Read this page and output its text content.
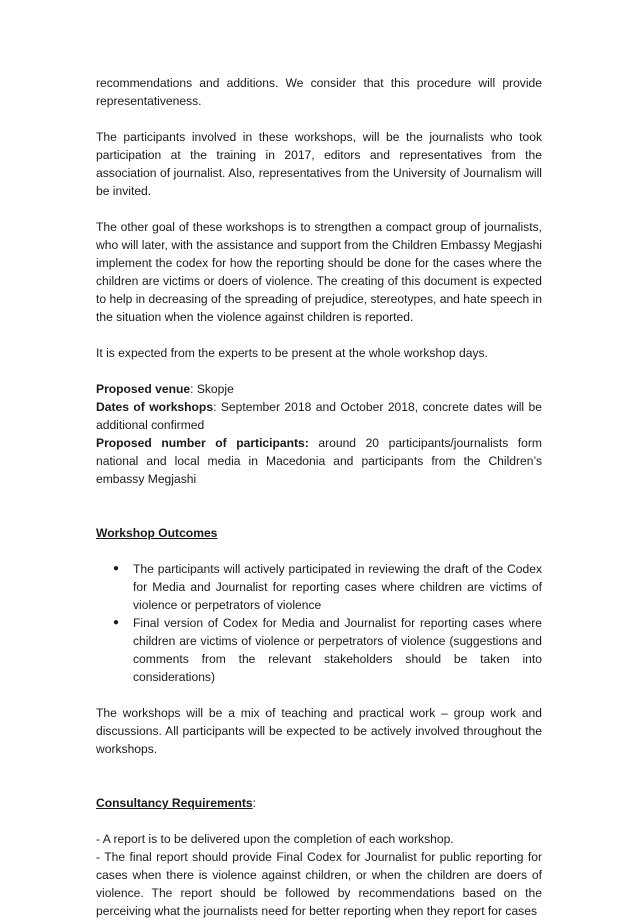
recommendations and additions. We consider that this procedure will provide representativeness.

The participants involved in these workshops, will be the journalists who took participation at the training in 2017, editors and representatives from the association of journalist. Also, representatives from the University of Journalism will be invited.

The other goal of these workshops is to strengthen a compact group of journalists, who will later, with the assistance and support from the Children Embassy Megjashi implement the codex for how the reporting should be done for the cases where the children are victims or doers of violence. The creating of this document is expected to help in decreasing of the spreading of prejudice, stereotypes, and hate speech in the situation when the violence against children is reported.

It is expected from the experts to be present at the whole workshop days.

Proposed venue: Skopje

Dates of workshops: September 2018 and October 2018, concrete dates will be additional confirmed

Proposed number of participants: around 20 participants/journalists form national and local media in Macedonia and participants from the Children’s embassy Megjashi

Workshop Outcomes

● The participants will actively participated in reviewing the draft of the Codex for Media and Journalist for reporting cases where children are victims of violence or perpetrators of violence
● Final version of Codex for Media and Journalist for reporting cases where children are victims of violence or perpetrators of violence (suggestions and comments from the relevant stakeholders should be taken into considerations)

The workshops will be a mix of teaching and practical work – group work and discussions. All participants will be expected to be actively involved throughout the workshops.

Consultancy Requirements:

- A report is to be delivered upon the completion of each workshop.

- The final report should provide Final Codex for Journalist for public reporting for cases when there is violence against children, or when the children are doers of violence. The report should be followed by recommendations based on the perceiving what the journalists need for better reporting when they report for cases
